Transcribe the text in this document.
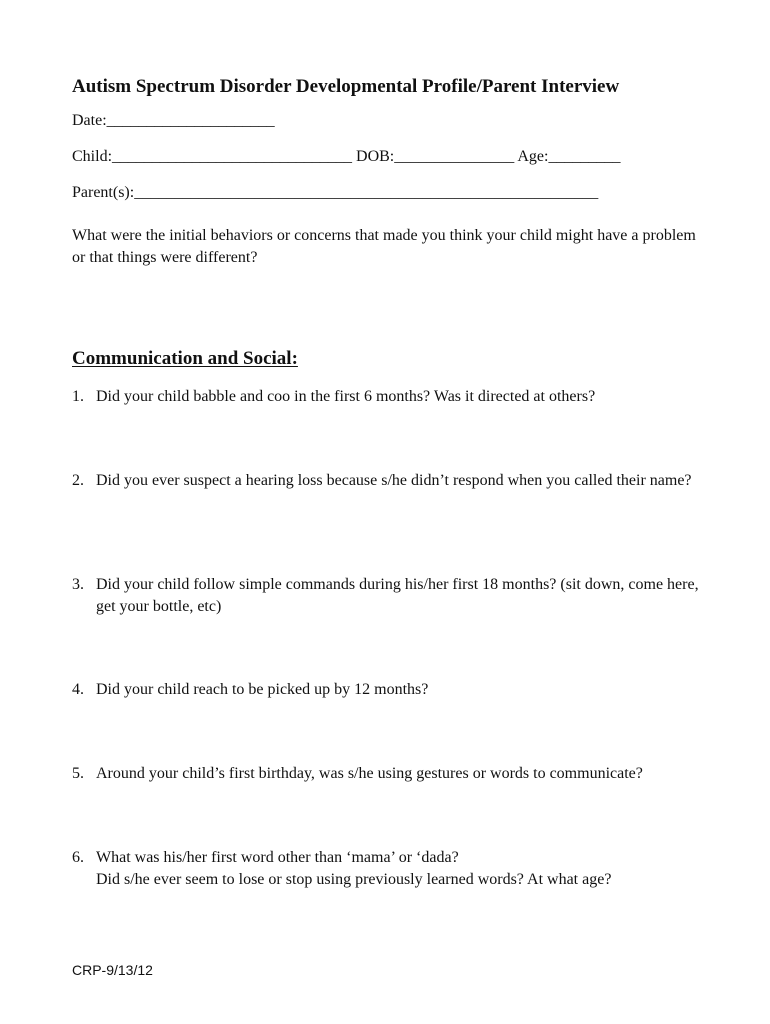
Autism Spectrum Disorder Developmental Profile/Parent Interview
Date:_____________________
Child:______________________________ DOB:_______________ Age:_________
Parent(s):__________________________________________________________
What were the initial behaviors or concerns that made you think your child might have a problem or that things were different?
Communication and Social:
1. Did your child babble and coo in the first 6 months? Was it directed at others?
2. Did you ever suspect a hearing loss because s/he didn’t respond when you called their name?
3. Did your child follow simple commands during his/her first 18 months? (sit down, come here, get your bottle, etc)
4. Did your child reach to be picked up by 12 months?
5. Around your child’s first birthday, was s/he using gestures or words to communicate?
6. What was his/her first word other than ‘mama’ or ‘dada?
Did s/he ever seem to lose or stop using previously learned words? At what age?
CRP-9/13/12
